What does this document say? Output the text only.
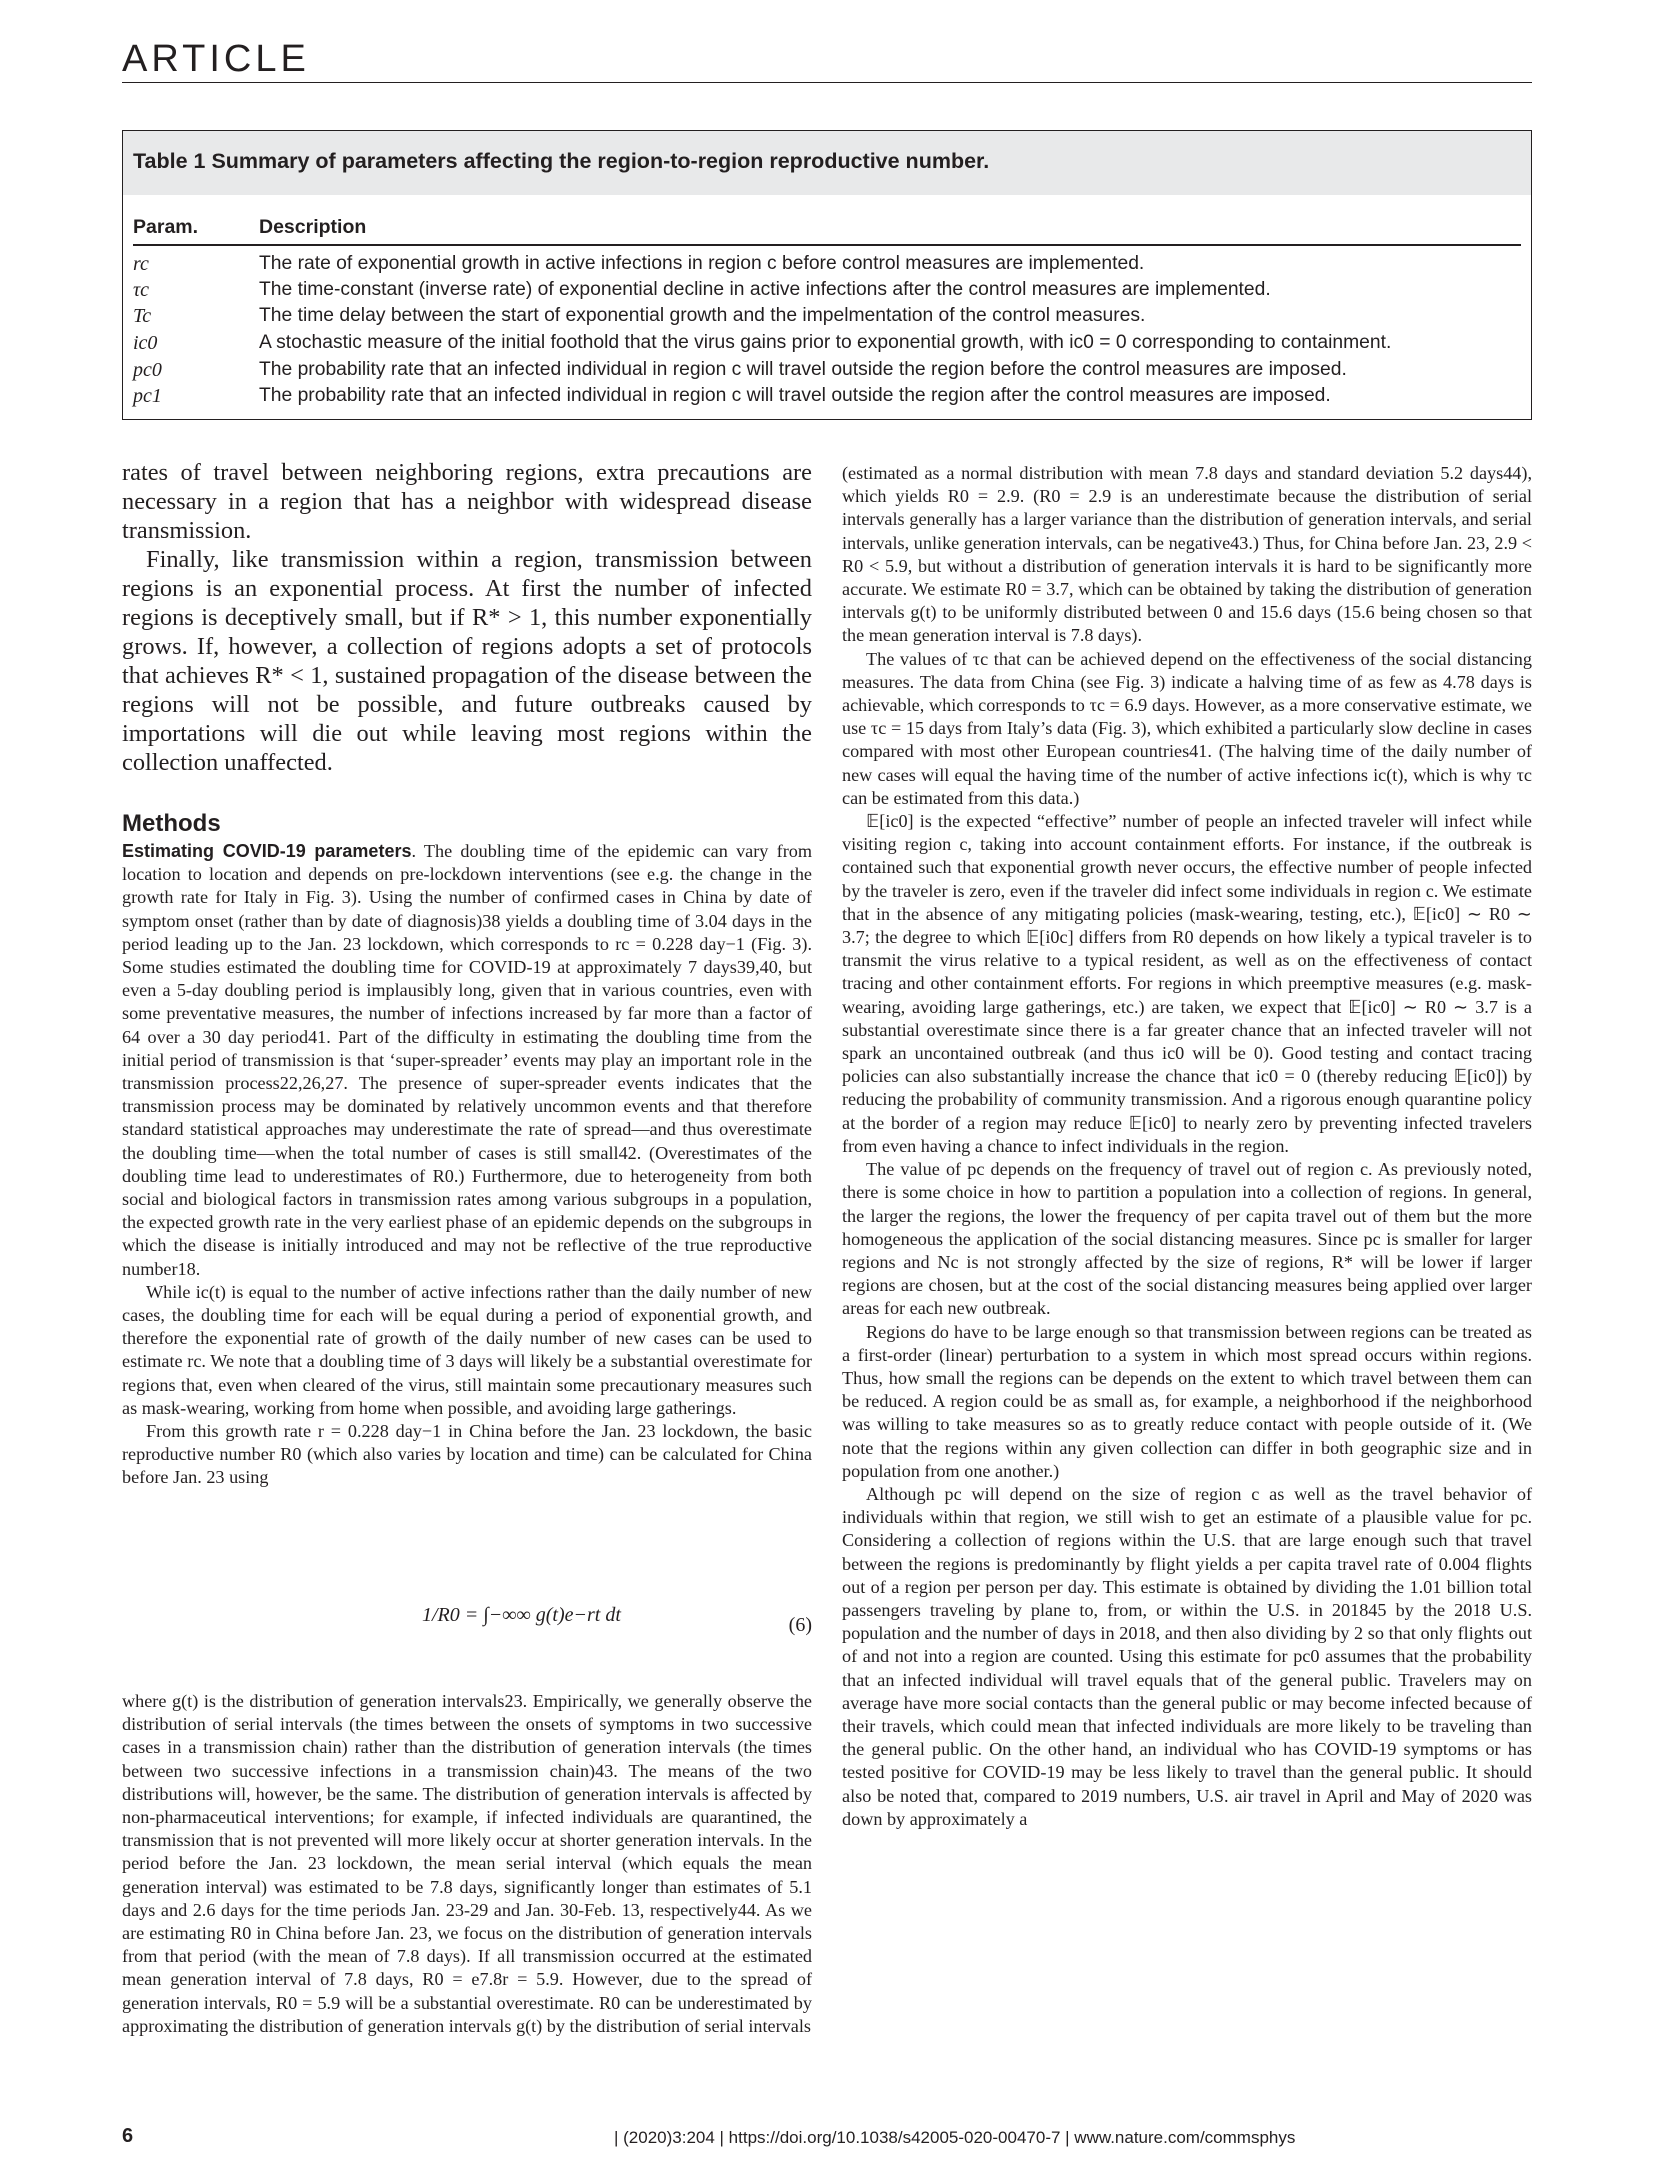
ARTICLE
Table 1 Summary of parameters affecting the region-to-region reproductive number.
Param.	Description
rc	The rate of exponential growth in active infections in region c before control measures are implemented.
τc	The time-constant (inverse rate) of exponential decline in active infections after the control measures are implemented.
Tc	The time delay between the start of exponential growth and the impelmentation of the control measures.
ic0	A stochastic measure of the initial foothold that the virus gains prior to exponential growth, with ic0 = 0 corresponding to containment.
pc0	The probability rate that an infected individual in region c will travel outside the region before the control measures are imposed.
pc1	The probability rate that an infected individual in region c will travel outside the region after the control measures are imposed.

rates of travel between neighboring regions, extra precautions are necessary in a region that has a neighbor with widespread disease transmission.

Finally, like transmission within a region, transmission between regions is an exponential process. At first the number of infected regions is deceptively small, but if R* > 1, this number exponentially grows. If, however, a collection of regions adopts a set of protocols that achieves R* < 1, sustained propagation of the disease between the regions will not be possible, and future outbreaks caused by importations will die out while leaving most regions within the collection unaffected.

Methods

Estimating COVID-19 parameters. The doubling time of the epidemic can vary from location to location and depends on pre-lockdown interventions (see e.g. the change in the growth rate for Italy in Fig. 3). Using the number of confirmed cases in China by date of symptom onset (rather than by date of diagnosis)38 yields a doubling time of 3.04 days in the period leading up to the Jan. 23 lockdown, which corresponds to rc = 0.228 day−1 (Fig. 3). Some studies estimated the doubling time for COVID-19 at approximately 7 days39,40, but even a 5-day doubling period is implausibly long, given that in various countries, even with some preventative measures, the number of infections increased by far more than a factor of 64 over a 30 day period41. Part of the difficulty in estimating the doubling time from the initial period of transmission is that ‘super-spreader’ events may play an important role in the transmission process22,26,27. The presence of super-spreader events indicates that the transmission process may be dominated by relatively uncommon events and that therefore standard statistical approaches may underestimate the rate of spread—and thus overestimate the doubling time—when the total number of cases is still small42. (Overestimates of the doubling time lead to underestimates of R0.) Furthermore, due to heterogeneity from both social and biological factors in transmission rates among various subgroups in a population, the expected growth rate in the very earliest phase of an epidemic depends on the subgroups in which the disease is initially introduced and may not be reflective of the true reproductive number18.

While ic(t) is equal to the number of active infections rather than the daily number of new cases, the doubling time for each will be equal during a period of exponential growth, and therefore the exponential rate of growth of the daily number of new cases can be used to estimate rc. We note that a doubling time of 3 days will likely be a substantial overestimate for regions that, even when cleared of the virus, still maintain some precautionary measures such as mask-wearing, working from home when possible, and avoiding large gatherings.

From this growth rate r = 0.228 day−1 in China before the Jan. 23 lockdown, the basic reproductive number R0 (which also varies by location and time) can be calculated for China before Jan. 23 using

1/R0 = ∫−∞∞ g(t)e−rt dt	(6)

where g(t) is the distribution of generation intervals23. Empirically, we generally observe the distribution of serial intervals (the times between the onsets of symptoms in two successive cases in a transmission chain) rather than the distribution of generation intervals (the times between two successive infections in a transmission chain)43. The means of the two distributions will, however, be the same. The distribution of generation intervals is affected by non-pharmaceutical interventions; for example, if infected individuals are quarantined, the transmission that is not prevented will more likely occur at shorter generation intervals. In the period before the Jan. 23 lockdown, the mean serial interval (which equals the mean generation interval) was estimated to be 7.8 days, significantly longer than estimates of 5.1 days and 2.6 days for the time periods Jan. 23-29 and Jan. 30-Feb. 13, respectively44. As we are estimating R0 in China before Jan. 23, we focus on the distribution of generation intervals from that period (with the mean of 7.8 days). If all transmission occurred at the estimated mean generation interval of 7.8 days, R0 = e7.8r = 5.9. However, due to the spread of generation intervals, R0 = 5.9 will be a substantial overestimate. R0 can be underestimated by approximating the distribution of generation intervals g(t) by the distribution of serial intervals

(estimated as a normal distribution with mean 7.8 days and standard deviation 5.2 days44), which yields R0 = 2.9. (R0 = 2.9 is an underestimate because the distribution of serial intervals generally has a larger variance than the distribution of generation intervals, and serial intervals, unlike generation intervals, can be negative43.) Thus, for China before Jan. 23, 2.9 < R0 < 5.9, but without a distribution of generation intervals it is hard to be significantly more accurate. We estimate R0 = 3.7, which can be obtained by taking the distribution of generation intervals g(t) to be uniformly distributed between 0 and 15.6 days (15.6 being chosen so that the mean generation interval is 7.8 days).

The values of τc that can be achieved depend on the effectiveness of the social distancing measures. The data from China (see Fig. 3) indicate a halving time of as few as 4.78 days is achievable, which corresponds to τc = 6.9 days. However, as a more conservative estimate, we use τc = 15 days from Italy’s data (Fig. 3), which exhibited a particularly slow decline in cases compared with most other European countries41. (The halving time of the daily number of new cases will equal the having time of the number of active infections ic(t), which is why τc can be estimated from this data.)

𝔼[ic0] is the expected “effective” number of people an infected traveler will infect while visiting region c, taking into account containment efforts. For instance, if the outbreak is contained such that exponential growth never occurs, the effective number of people infected by the traveler is zero, even if the traveler did infect some individuals in region c. We estimate that in the absence of any mitigating policies (mask-wearing, testing, etc.), 𝔼[ic0] ∼ R0 ∼ 3.7; the degree to which 𝔼[i0c] differs from R0 depends on how likely a typical traveler is to transmit the virus relative to a typical resident, as well as on the effectiveness of contact tracing and other containment efforts. For regions in which preemptive measures (e.g. mask-wearing, avoiding large gatherings, etc.) are taken, we expect that 𝔼[ic0] ∼ R0 ∼ 3.7 is a substantial overestimate since there is a far greater chance that an infected traveler will not spark an uncontained outbreak (and thus ic0 will be 0). Good testing and contact tracing policies can also substantially increase the chance that ic0 = 0 (thereby reducing 𝔼[ic0]) by reducing the probability of community transmission. And a rigorous enough quarantine policy at the border of a region may reduce 𝔼[ic0] to nearly zero by preventing infected travelers from even having a chance to infect individuals in the region.

The value of pc depends on the frequency of travel out of region c. As previously noted, there is some choice in how to partition a population into a collection of regions. In general, the larger the regions, the lower the frequency of per capita travel out of them but the more homogeneous the application of the social distancing measures. Since pc is smaller for larger regions and Nc is not strongly affected by the size of regions, R* will be lower if larger regions are chosen, but at the cost of the social distancing measures being applied over larger areas for each new outbreak.

Regions do have to be large enough so that transmission between regions can be treated as a first-order (linear) perturbation to a system in which most spread occurs within regions. Thus, how small the regions can be depends on the extent to which travel between them can be reduced. A region could be as small as, for example, a neighborhood if the neighborhood was willing to take measures so as to greatly reduce contact with people outside of it. (We note that the regions within any given collection can differ in both geographic size and in population from one another.)

Although pc will depend on the size of region c as well as the travel behavior of individuals within that region, we still wish to get an estimate of a plausible value for pc. Considering a collection of regions within the U.S. that are large enough such that travel between the regions is predominantly by flight yields a per capita travel rate of 0.004 flights out of a region per person per day. This estimate is obtained by dividing the 1.01 billion total passengers traveling by plane to, from, or within the U.S. in 201845 by the 2018 U.S. population and the number of days in 2018, and then also dividing by 2 so that only flights out of and not into a region are counted. Using this estimate for pc0 assumes that the probability that an infected individual will travel equals that of the general public. Travelers may on average have more social contacts than the general public or may become infected because of their travels, which could mean that infected individuals are more likely to be traveling than the general public. On the other hand, an individual who has COVID-19 symptoms or has tested positive for COVID-19 may be less likely to travel than the general public. It should also be noted that, compared to 2019 numbers, U.S. air travel in April and May of 2020 was down by approximately a

6	| (2020)3:204 | https://doi.org/10.1038/s42005-020-00470-7 | www.nature.com/commsphys
